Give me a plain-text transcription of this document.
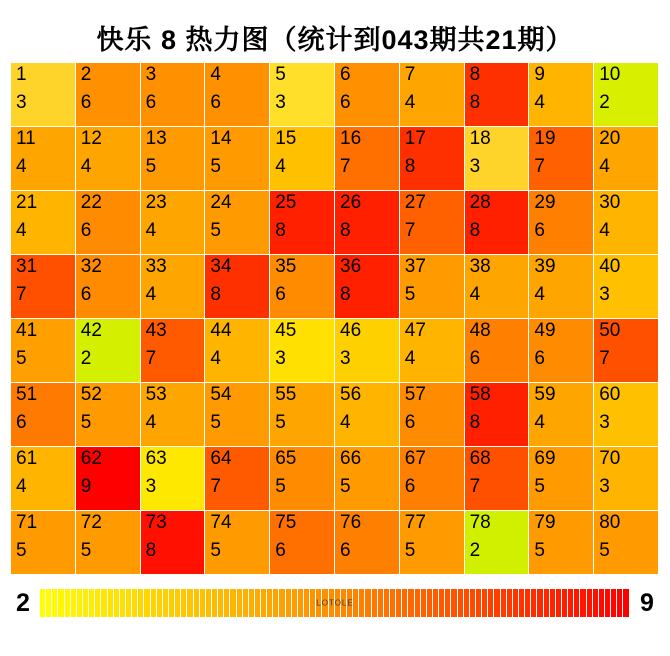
快乐 8 热力图（统计到043期共21期）
1
3
2
6
3
6
4
6
5
3
6
6
7
4
8
8
9
4
10
2
11
4
12
4
13
5
14
5
15
4
16
7
17
8
18
3
19
7
20
4
21
4
22
6
23
4
24
5
25
8
26
8
27
7
28
8
29
6
30
4
31
7
32
6
33
4
34
8
35
6
36
8
37
5
38
4
39
4
40
3
41
5
42
2
43
7
44
4
45
3
46
3
47
4
48
6
49
6
50
7
51
6
52
5
53
4
54
5
55
5
56
4
57
6
58
8
59
4
60
3
61
4
62
9
63
3
64
7
65
5
66
5
67
6
68
7
69
5
70
3
71
5
72
5
73
8
74
5
75
6
76
6
77
5
78
2
79
5
80
5
2	LOTOLE	9
